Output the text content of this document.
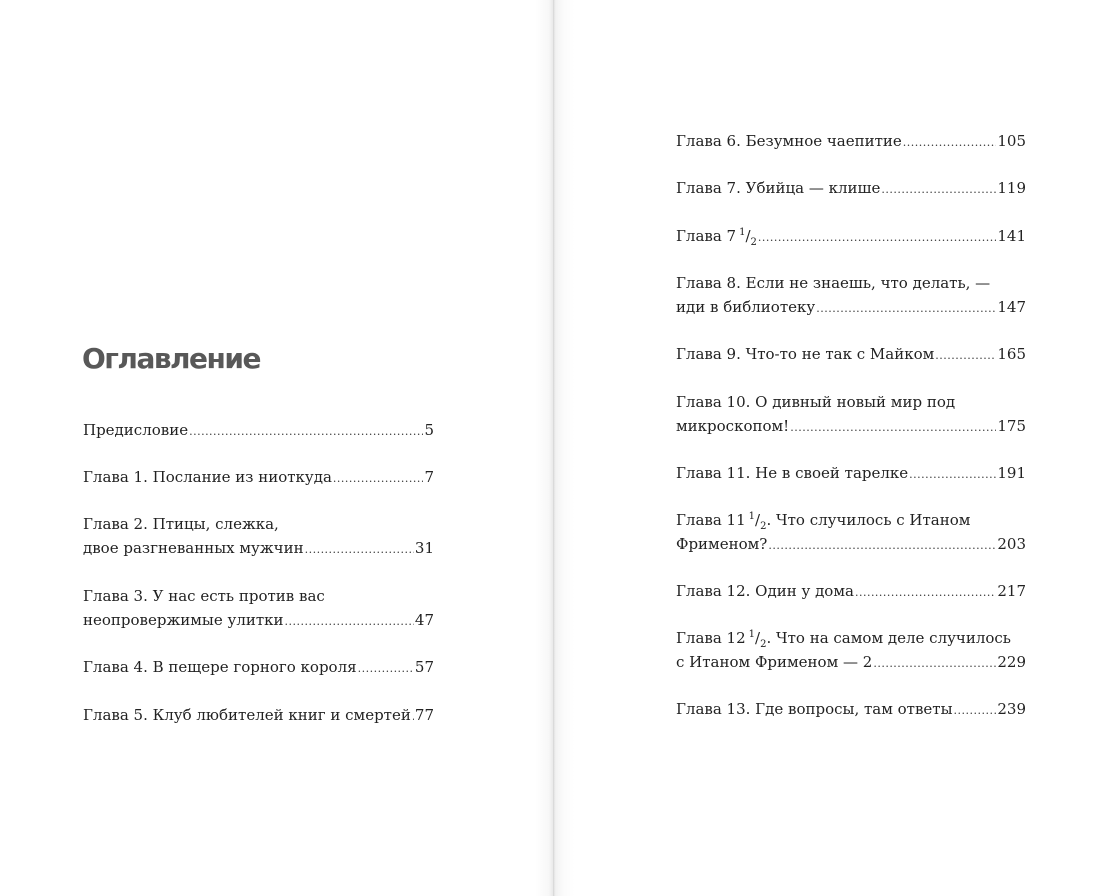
Оглавление
Предисловие .....	5
Глава 1. Послание из ниоткуда .....	7
Глава 2. Птицы, слежка,
двое разгневанных мужчин .....	31
Глава 3. У нас есть против вас
неопровержимые улитки .....	47
Глава 4. В пещере горного короля .....	57
Глава 5. Клуб любителей книг и смертей ..... 77
Глава 6. Безумное чаепитие .....	105
Глава 7. Убийца — клише .....	119
Глава 7  $^1/_2$ .....	141
Глава 8. Если не знаешь, что делать, —
иди в библиотеку .....	147
Глава 9. Что-то не так с Майком .....	165
Глава 10. О дивный новый мир под
микроскопом! .....	175
Глава 11. Не в своей тарелке .....	191
Глава 11  $^1/_2$. Что случилось с Итаном
Фрименом? .....	203
Глава 12. Один у дома .....	217
Глава 12  $^1/_2$. Что на самом деле случилось
с Итаном Фрименом — 2 .....	229
Глава 13. Где вопросы, там ответы .....	239
